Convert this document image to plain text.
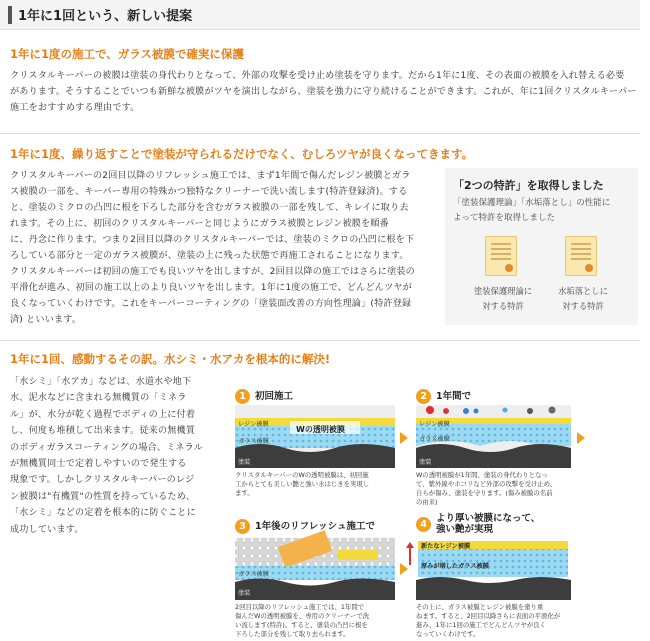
1年に1回という、新しい提案
1年に1度の施工で、ガラス被膜で確実に保護
クリスタルキーパーの被膜は塗装の身代わりとなって、外部の攻撃を受け止め塗装を守ります。だから1年に1度、その表面の被膜を入れ替える必要
があります。そうすることでいつも新鮮な被膜がツヤを演出しながら、塗装を強力に守り続けることができます。これが、年に1回クリスタルキーパー
施工をおすすめする理由です。
1年に1度、繰り返すことで塗装が守られるだけでなく、むしろツヤが良くなってきます。
クリスタルキーパーの2回目以降のリフレッシュ施工では、まず1年間で傷んだレジン被膜とガラ
ス被膜の一部を、キーパー専用の特殊かつ独特なクリーナーで洗い流します(特許登録済)。する
と、塗装のミクロの凸凹に根を下ろした部分を含むガラス被膜の一部を残して、キレイに取り去
れます。その上に、初回のクリスタルキーパーと同じようにガラス被膜とレジン被膜を順番
に、丹念に作ります。つまり2回目以降のクリスタルキーパーでは、塗装のミクロの凸凹に根を下
ろしている部分と一定のガラス被膜が、塗装の上に残った状態で再施工されることになります。
クリスタルキーパーは初回の施工でも良いツヤを出しますが、2回目以降の施工ではさらに塗装の
平滑化が進み、初回の施工以上のより良いツヤを出します。1年に1度の施工で、どんどんツヤが
良くなっていくわけです。これをキーパーコーティングの「塗装面改善の方向性理論」(特許登録
済) といいます。
「2つの特許」を取得しました
「塗装保護理論」「水垢落とし」の性能に
よって特許を取得しました
塗装保護理論に
対する特許
水垢落としに
対する特許
1年に1回、感動するその訳。水シミ・水アカを根本的に解決!
「水シミ」「水アカ」などは、水道水や地下
水、泥水などに含まれる無機質の「ミネラ
ル」が、水分が乾く過程でボディの上に付着
し、何度も堆積して出来ます。従来の無機質
のボディガラスコーティングの場合、ミネラル
が無機質同士で定着しやすいので発生する
現象です。しかしクリスタルキーパーのレジ
ン被膜は"有機質"の性質を持っているため、
「水シミ」などの定着を根本的に防ぐことに
成功しています。
1 初回施工	2 1年間で
3 1年後のリフレッシュ施工で	4
より厚い被膜になって、
強い艶が実現
レジン被膜
ガラス被膜
Wの透明被膜
塗装
レジン被膜
ガラス被膜
塗装
ガラス被膜
塗装
新たなレジン被膜
厚みが増したガラス被膜
クリスタルキーパーのWの透明被膜は、初回施
工からとても美しい艶と強い水はじきを実現し
ます。
Wの透明被膜が1年間、塗装の身代わりとなっ
て、紫外線やホコリなど外部の攻撃を受け止め、
自らが傷み、塗装を守ります。(傷み被膜の名前
の由来)
2回目以降のリフレッシュ施工では、1年間で
傷んだWの透明被膜を、専用のクリーナーで洗
い流します(特許)。すると、塗装の凸凹に根を
下ろした部分を残して取り去られます。
その上に、ガラス被膜とレジン被膜を塗り重
ねます。すると、2回目以降さらに表面の平滑化が
進み、1年に1回の施工でどんどんツヤが良く
なっていくわけです。
